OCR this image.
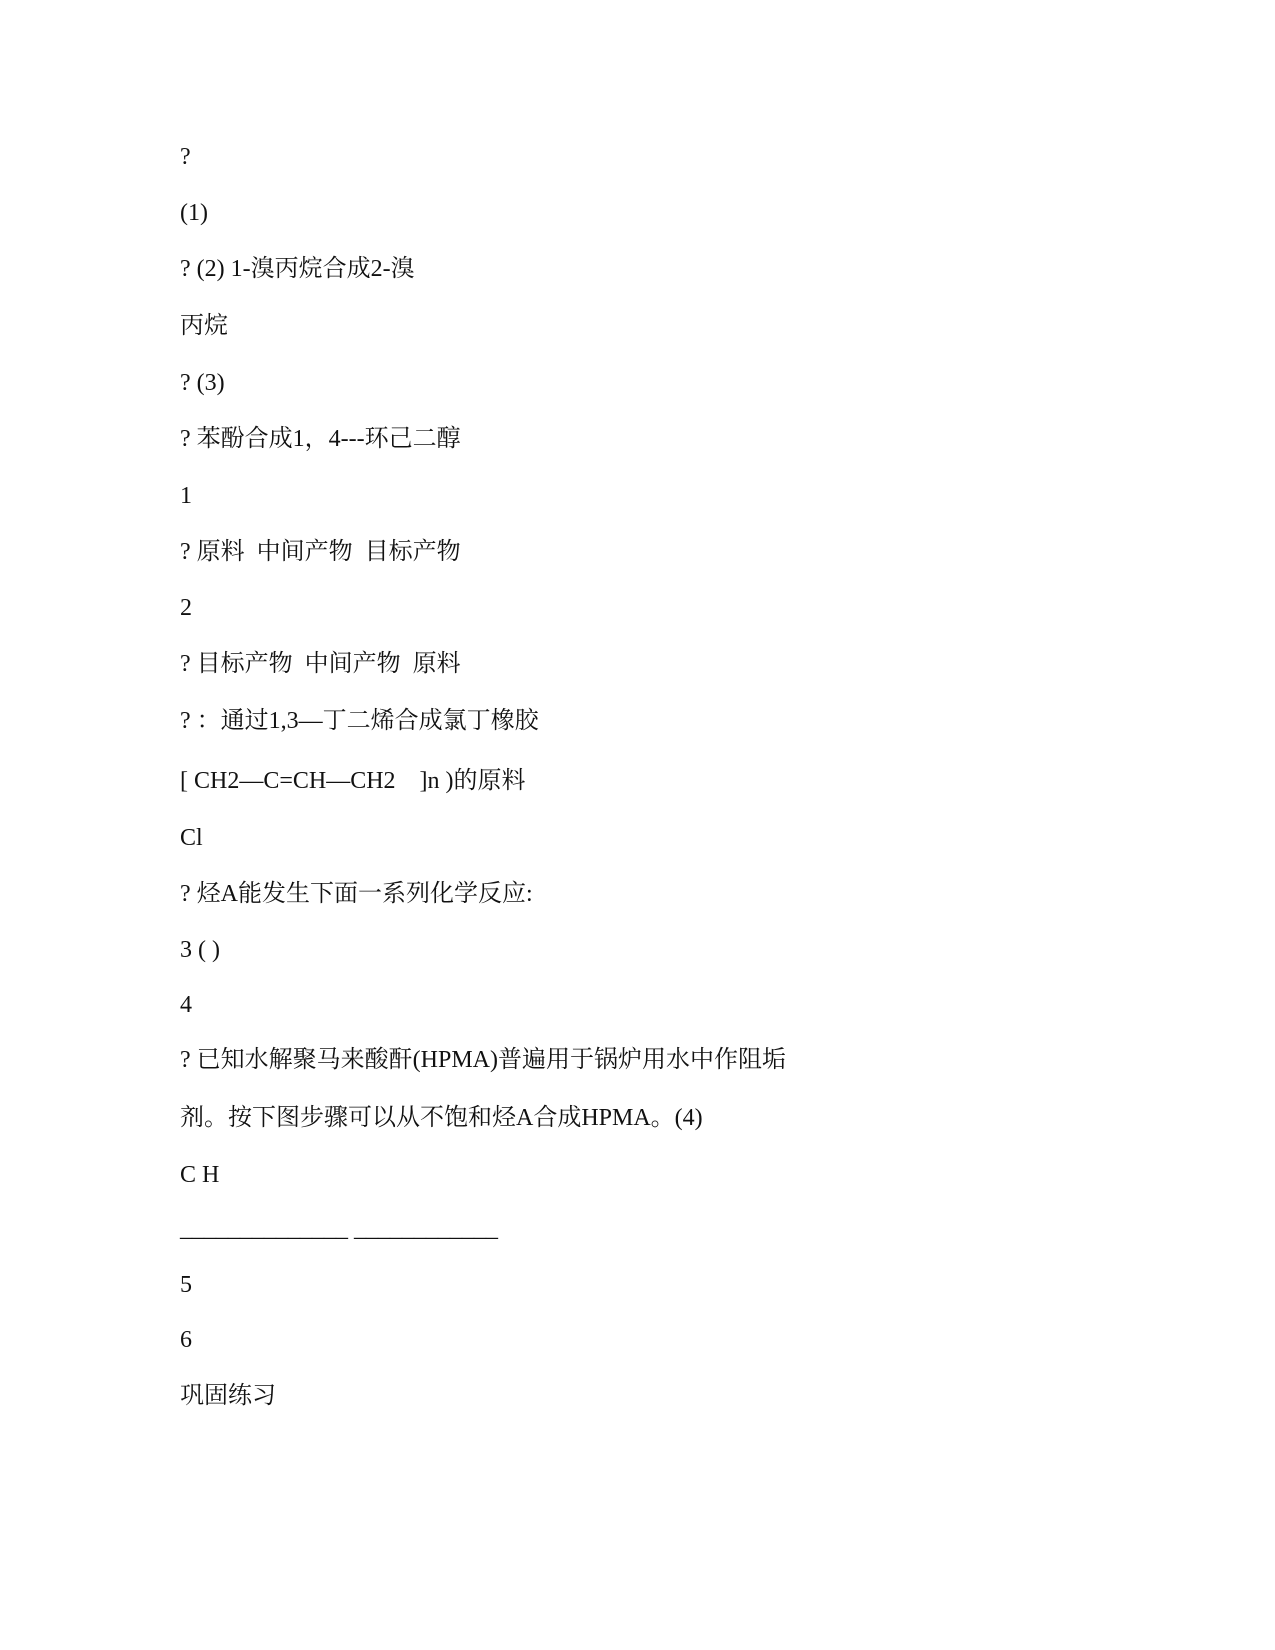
?
(1)
? (2) 1-溴丙烷合成2-溴
丙烷
? (3)
? 苯酚合成1，4---环己二醇
1
? 原料  中间产物  目标产物
2
? 目标产物  中间产物  原料
? ：通过1,3—丁二烯合成氯丁橡胶
[ CH2—C=CH—CH2    ]n )的原料
Cl
? 烃A能发生下面一系列化学反应:
3 ( )
4
? 已知水解聚马来酸酐(HPMA)普遍用于锅炉用水中作阻垢
剂。按下图步骤可以从不饱和烃A合成HPMA。(4)
C H
______________ ____________
5
6
巩固练习
